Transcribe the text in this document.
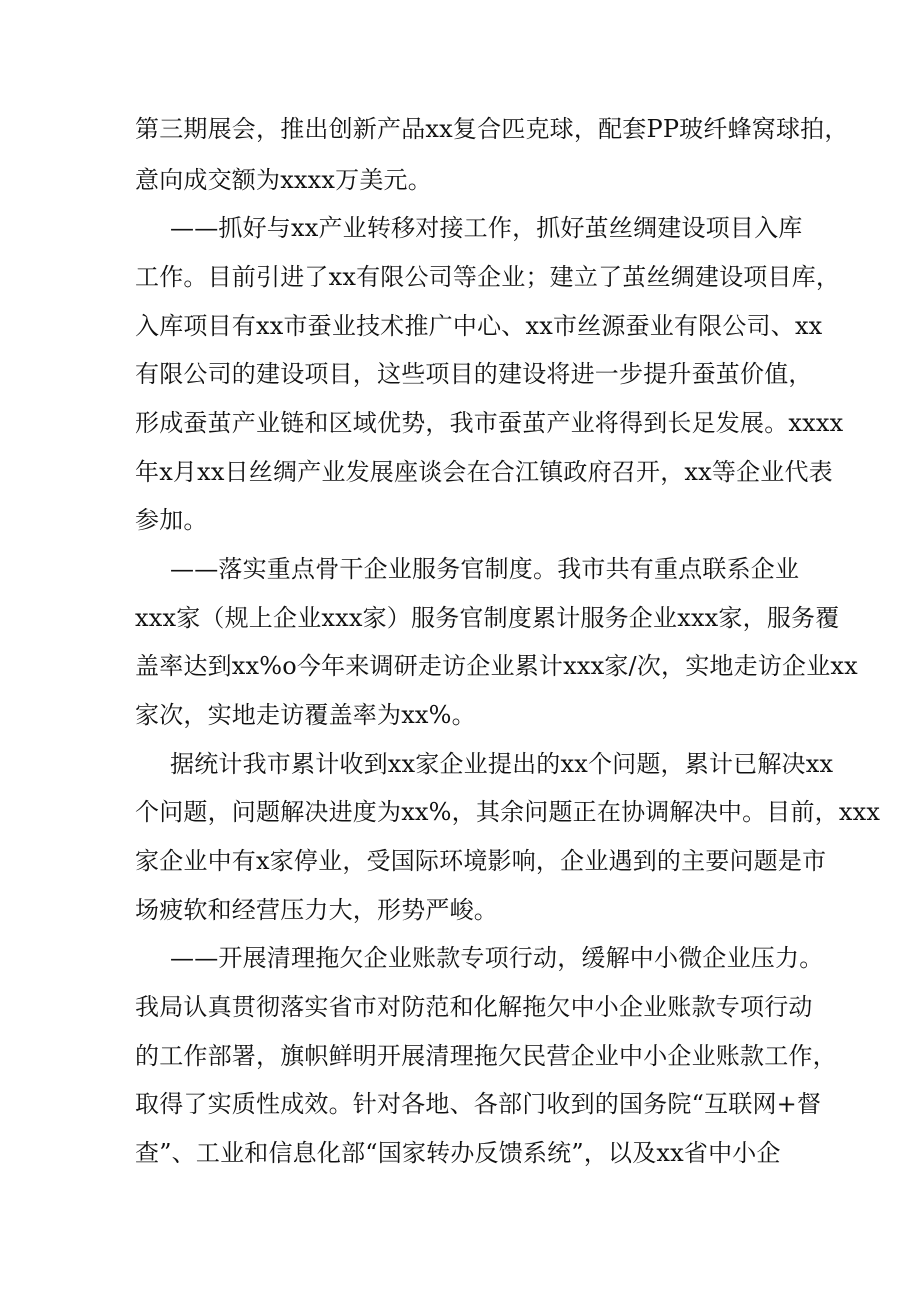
第三期展会，推出创新产品xx复合匹克球，配套PP玻纤蜂窝球拍，
意向成交额为xxxx万美元。
——抓好与xx产业转移对接工作，抓好茧丝绸建设项目入库
工作。目前引进了xx有限公司等企业；建立了茧丝绸建设项目库，
入库项目有xx市蚕业技术推广中心、xx市丝源蚕业有限公司、xx
有限公司的建设项目，这些项目的建设将进一步提升蚕茧价值，
形成蚕茧产业链和区域优势，我市蚕茧产业将得到长足发展。xxxx
年x月xx日丝绸产业发展座谈会在合江镇政府召开，xx等企业代表
参加。
——落实重点骨干企业服务官制度。我市共有重点联系企业
xxx家（规上企业xxx家）服务官制度累计服务企业xxx家，服务覆
盖率达到xx%o今年来调研走访企业累计xxx家/次，实地走访企业xx
家次，实地走访覆盖率为xx%。
据统计我市累计收到xx家企业提出的xx个问题，累计已解决xx
个问题，问题解决进度为xx%，其余问题正在协调解决中。目前，xxx
家企业中有x家停业，受国际环境影响，企业遇到的主要问题是市
场疲软和经营压力大，形势严峻。
——开展清理拖欠企业账款专项行动，缓解中小微企业压力。
我局认真贯彻落实省市对防范和化解拖欠中小企业账款专项行动
的工作部署，旗帜鲜明开展清理拖欠民营企业中小企业账款工作，
取得了实质性成效。针对各地、各部门收到的国务院“互联网+督
查”、工业和信息化部“国家转办反馈系统”，以及xx省中小企
